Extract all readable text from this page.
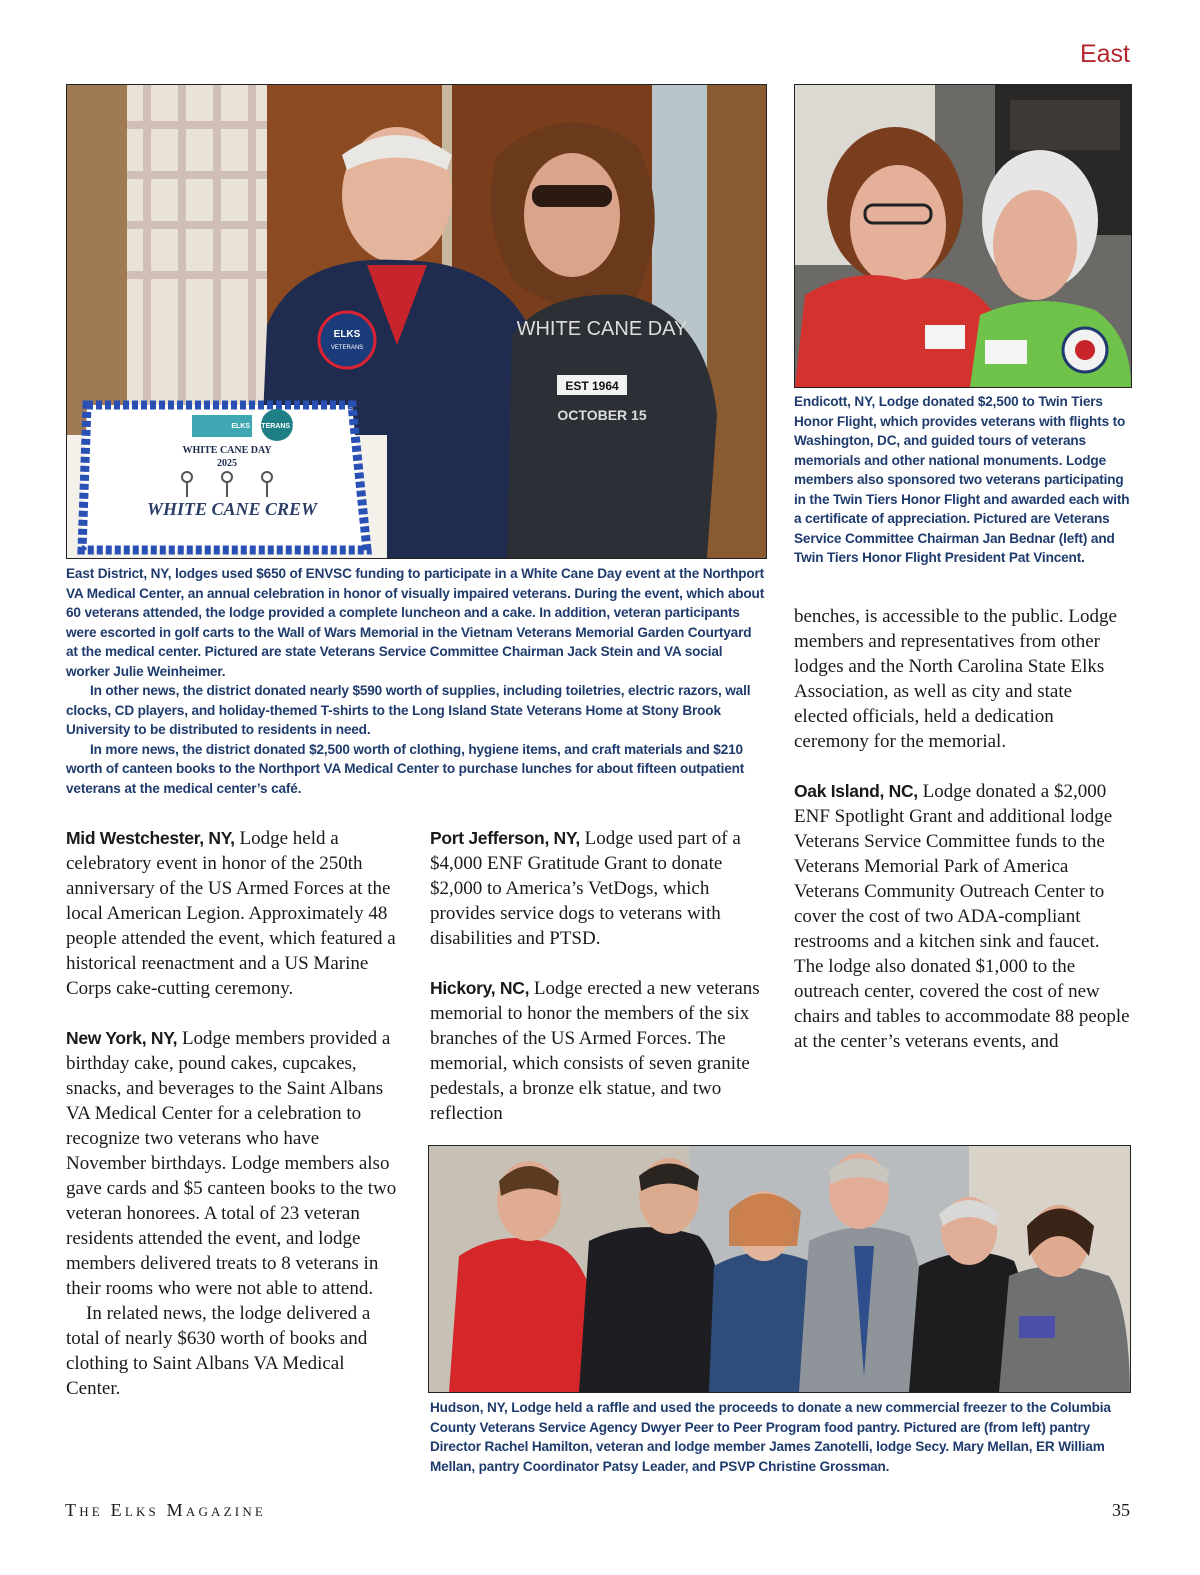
East
ELKS
VETERANS
WHITE CANE DAY
EST 1964
OCTOBER 15
ELKS VETERANS SERVICE
WHITE CANE DAY
2025
WHITE CANE CREW

East District, NY, lodges used $650 of ENVSC funding to participate in a White Cane Day event at the Northport VA Medical Center, an annual celebration in honor of visually impaired veterans. During the event, which about 60 veterans attended, the lodge provided a complete luncheon and a cake. In addition, veteran participants were escorted in golf carts to the Wall of Wars Memorial in the Vietnam Veterans Memorial Garden Courtyard at the medical center. Pictured are state Veterans Service Committee Chairman Jack Stein and VA social worker Julie Weinheimer.

In other news, the district donated nearly $590 worth of supplies, including toiletries, electric razors, wall clocks, CD players, and holiday-themed T-shirts to the Long Island State Veterans Home at Stony Brook University to be distributed to residents in need.

In more news, the district donated $2,500 worth of clothing, hygiene items, and craft materials and $210 worth of canteen books to the Northport VA Medical Center to purchase lunches for about fifteen outpatient veterans at the medical center’s café.

Endicott, NY, Lodge donated $2,500 to Twin Tiers Honor Flight, which provides veterans with flights to Washington, DC, and guided tours of veterans memorials and other national monuments. Lodge members also sponsored two veterans participating in the Twin Tiers Honor Flight and awarded each with a certificate of appreciation. Pictured are Veterans Service Committee Chairman Jan Bednar (left) and Twin Tiers Honor Flight President Pat Vincent.

benches, is accessible to the public. Lodge members and representatives from other lodges and the North Carolina State Elks Association, as well as city and state elected officials, held a dedication ceremony for the memorial.

Oak Island, NC, Lodge donated a $2,000 ENF Spotlight Grant and additional lodge Veterans Service Committee funds to the Veterans Memorial Park of America Veterans Community Outreach Center to cover the cost of two ADA-compliant restrooms and a kitchen sink and faucet. The lodge also donated $1,000 to the outreach center, covered the cost of new chairs and tables to accommodate 88 people at the center’s veterans events, and

Mid Westchester, NY, Lodge held a celebratory event in honor of the 250th anniversary of the US Armed Forces at the local American Legion. Approximately 48 people attended the event, which featured a historical reenactment and a US Marine Corps cake-cutting ceremony.

New York, NY, Lodge members provided a birthday cake, pound cakes, cupcakes, snacks, and beverages to the Saint Albans VA Medical Center for a celebration to recognize two veterans who have November birthdays. Lodge members also gave cards and $5 canteen books to the two veteran honorees. A total of 23 veteran residents attended the event, and lodge members delivered treats to 8 veterans in their rooms who were not able to attend.

In related news, the lodge delivered a total of nearly $630 worth of books and clothing to Saint Albans VA Medical Center.

Port Jefferson, NY, Lodge used part of a $4,000 ENF Gratitude Grant to donate $2,000 to America’s VetDogs, which provides service dogs to veterans with disabilities and PTSD.

Hickory, NC, Lodge erected a new veterans memorial to honor the members of the six branches of the US Armed Forces. The memorial, which consists of seven granite pedestals, a bronze elk statue, and two reflection

Hudson, NY, Lodge held a raffle and used the proceeds to donate a new commercial freezer to the Columbia County Veterans Service Agency Dwyer Peer to Peer Program food pantry. Pictured are (from left) pantry Director Rachel Hamilton, veteran and lodge member James Zanotelli, lodge Secy. Mary Mellan, ER William Mellan, pantry Coordinator Patsy Leader, and PSVP Christine Grossman.

The Elks Magazine	35
